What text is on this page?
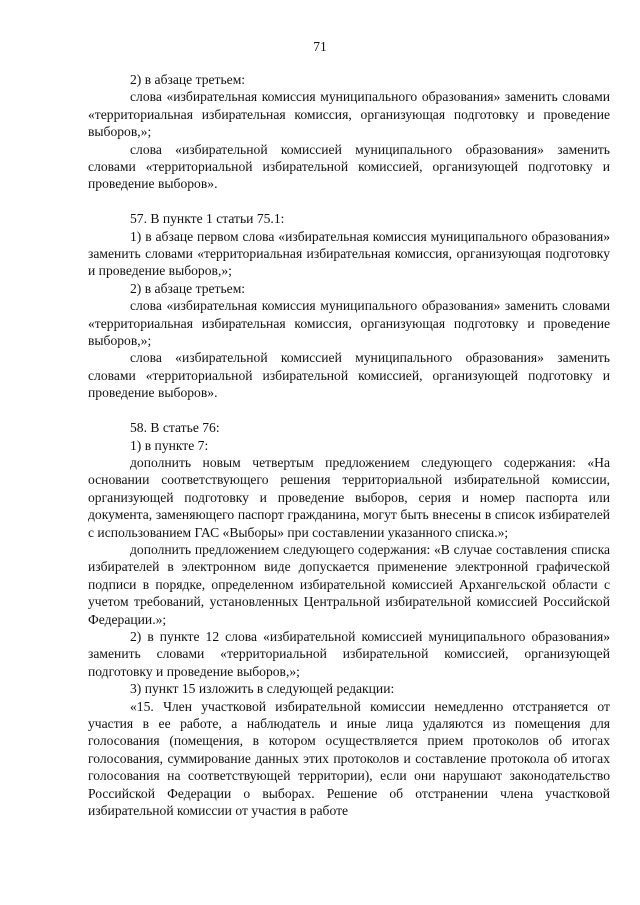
71

2) в абзаце третьем:

слова «избирательная комиссия муниципального образования» заменить словами «территориальная избирательная комиссия, организующая подготовку и проведение выборов,»;

слова «избирательной комиссией муниципального образования» заменить словами «территориальной избирательной комиссией, организующей подготовку и проведение выборов».

57. В пункте 1 статьи 75.1:

1) в абзаце первом слова «избирательная комиссия муниципального образования» заменить словами «территориальная избирательная комиссия, организующая подготовку и проведение выборов,»;

2) в абзаце третьем:

слова «избирательная комиссия муниципального образования» заменить словами «территориальная избирательная комиссия, организующая подготовку и проведение выборов,»;

слова «избирательной комиссией муниципального образования» заменить словами «территориальной избирательной комиссией, организующей подготовку и проведение выборов».

58. В статье 76:

1) в пункте 7:

дополнить новым четвертым предложением следующего содержания: «На основании соответствующего решения территориальной избирательной комиссии, организующей подготовку и проведение выборов, серия и номер паспорта или документа, заменяющего паспорт гражданина, могут быть внесены в список избирателей с использованием ГАС «Выборы» при составлении указанного списка.»;

дополнить предложением следующего содержания: «В случае составления списка избирателей в электронном виде допускается применение электронной графической подписи в порядке, определенном избирательной комиссией Архангельской области с учетом требований, установленных Центральной избирательной комиссией Российской Федерации.»;

2) в пункте 12 слова «избирательной комиссией муниципального образования» заменить словами «территориальной избирательной комиссией, организующей подготовку и проведение выборов,»;

3) пункт 15 изложить в следующей редакции:

«15. Член участковой избирательной комиссии немедленно отстраняется от участия в ее работе, а наблюдатель и иные лица удаляются из помещения для голосования (помещения, в котором осуществляется прием протоколов об итогах голосования, суммирование данных этих протоколов и составление протокола об итогах голосования на соответствующей территории), если они нарушают законодательство Российской Федерации о выборах. Решение об отстранении члена участковой избирательной комиссии от участия в работе
